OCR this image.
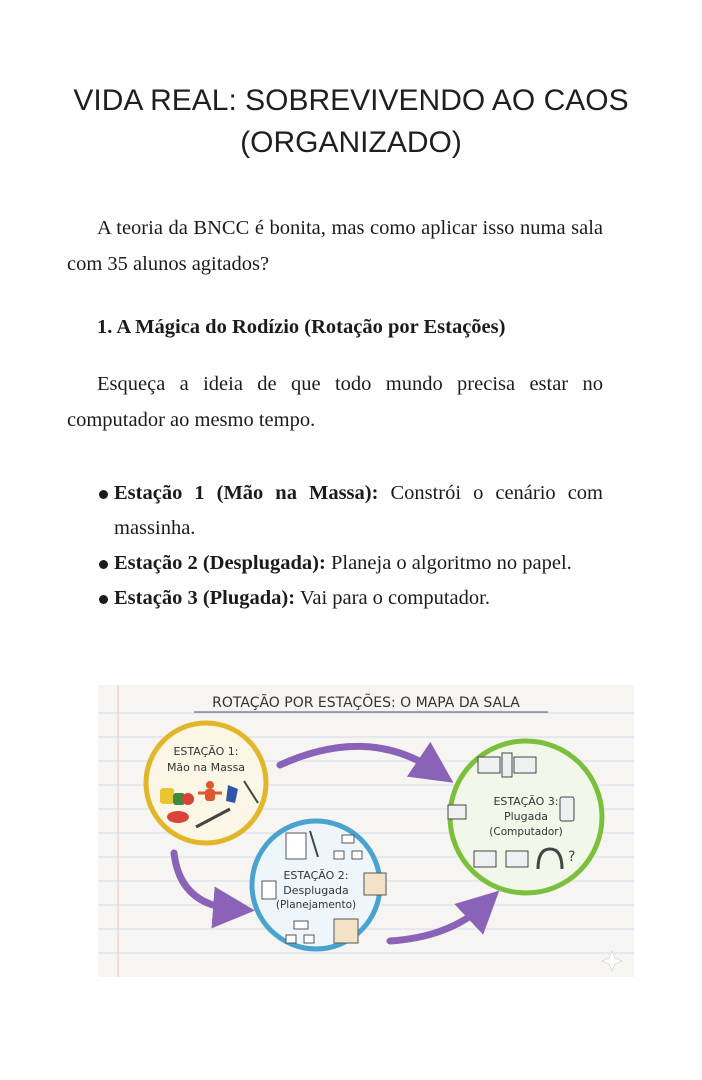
VIDA REAL: SOBREVIVENDO AO CAOS (ORGANIZADO)

A teoria da BNCC é bonita, mas como aplicar isso numa sala com 35 alunos agitados?

1. A Mágica do Rodízio (Rotação por Estações)

Esqueça a ideia de que todo mundo precisa estar no computador ao mesmo tempo.

Estação 1 (Mão na Massa): Constrói o cenário com massinha.
Estação 2 (Desplugada): Planeja o algoritmo no papel.
Estação 3 (Plugada): Vai para o computador.
ROTAÇÃO POR ESTAÇÕES: O MAPA DA SALA
ESTAÇÃO 1:
Mão na Massa
ESTAÇÃO 2:
Desplugada
(Planejamento)
ESTAÇÃO 3:
Plugada
(Computador)
?
